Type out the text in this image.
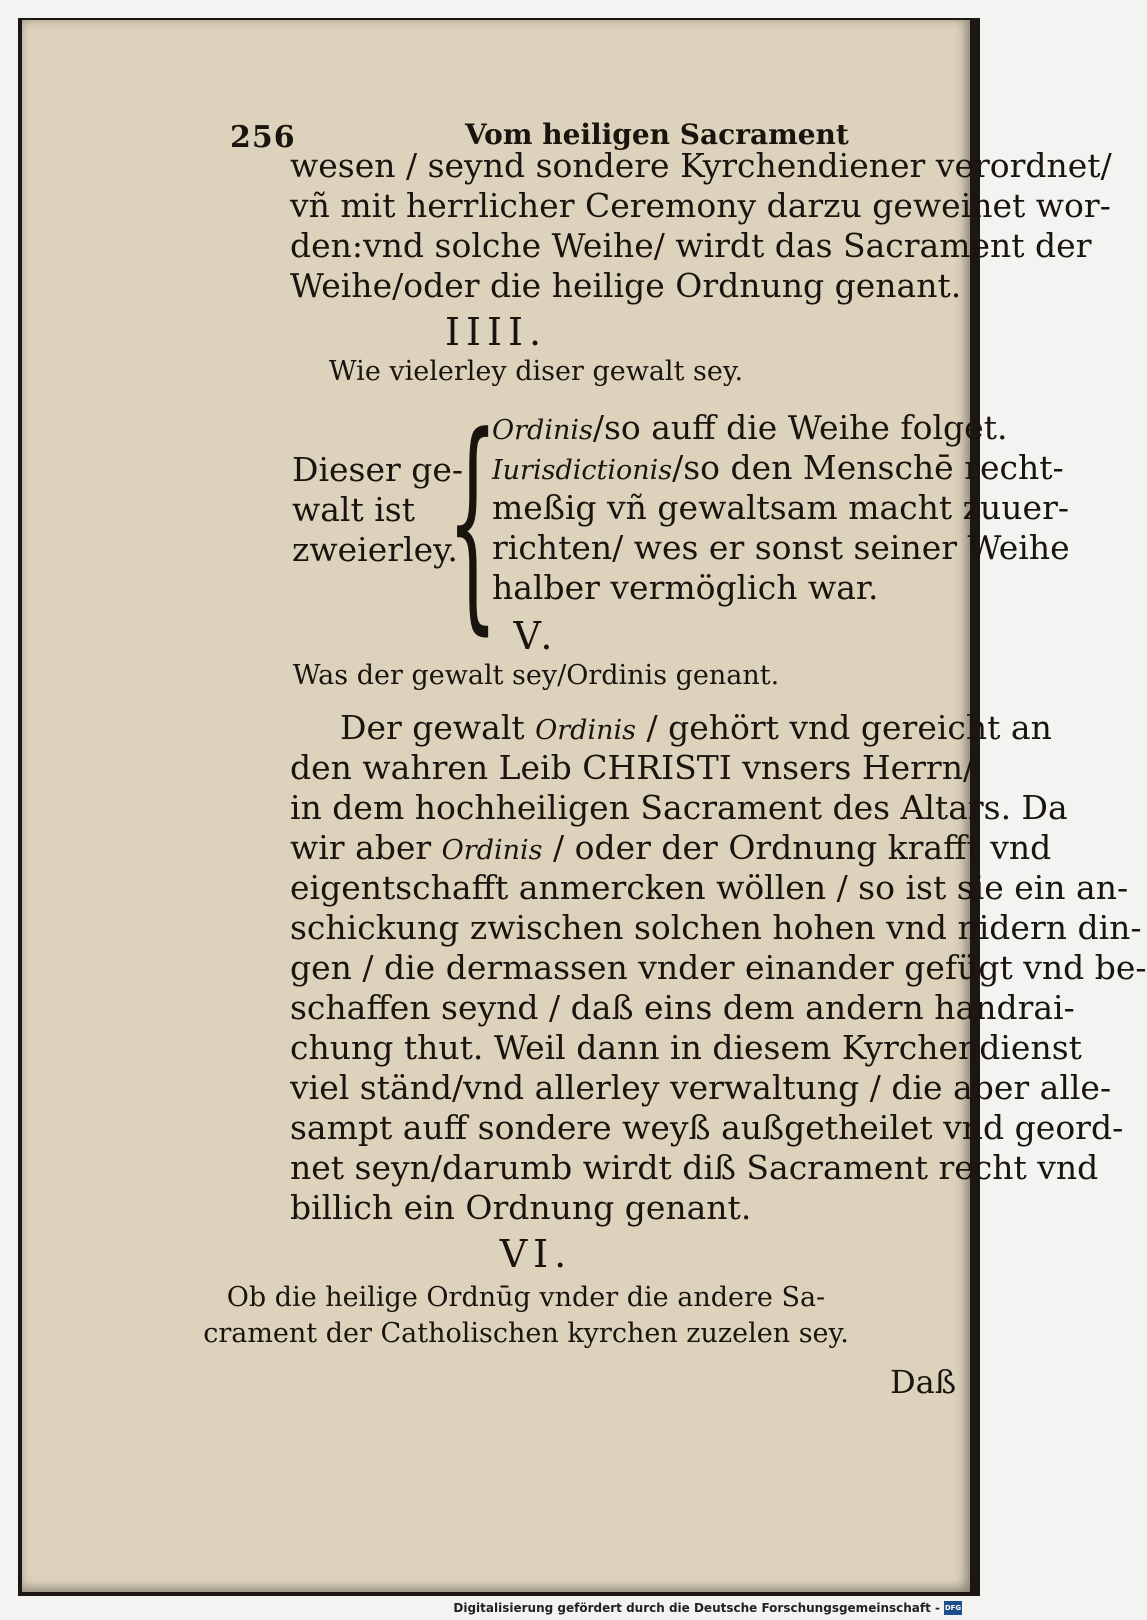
256	Vom heiligen Sacrament
wesen / seynd sondere Kyrchendiener verordnet/
vñ mit herrlicher Ceremony darzu geweihet wor-
den:vnd solche Weihe/ wirdt das Sacrament der
Weihe/oder die heilige Ordnung genant.
IIII.
Wie vielerley diser gewalt sey.
Dieser ge-
walt ist
zweierley.
{
Ordinis/so auff die Weihe folget.
Iurisdictionis/so den Menschē recht-
meßig vñ gewaltsam macht zuuer-
richten/ wes er sonst seiner Weihe
halber vermöglich war.
V.
Was der gewalt sey/Ordinis genant.
Der gewalt Ordinis / gehört vnd gereicht an
den wahren Leib CHRISTI vnsers Herrn/
in dem hochheiligen Sacrament des Altars. Da
wir aber Ordinis / oder der Ordnung krafft vnd
eigentschafft anmercken wöllen / so ist sie ein an-
schickung zwischen solchen hohen vnd nidern din-
gen / die dermassen vnder einander gefügt vnd be-
schaffen seynd / daß eins dem andern handrai-
chung thut. Weil dann in diesem Kyrchendienst
viel ständ/vnd allerley verwaltung / die aber alle-
sampt auff sondere weyß außgetheilet vnd geord-
net seyn/darumb wirdt diß Sacrament recht vnd
billich ein Ordnung genant.
VI.
Ob die heilige Ordnūg vnder die andere Sa-
crament der Catholischen kyrchen zuzelen sey.
Daß
Digitalisierung gefördert durch die Deutsche Forschungsgemeinschaft - DFG
